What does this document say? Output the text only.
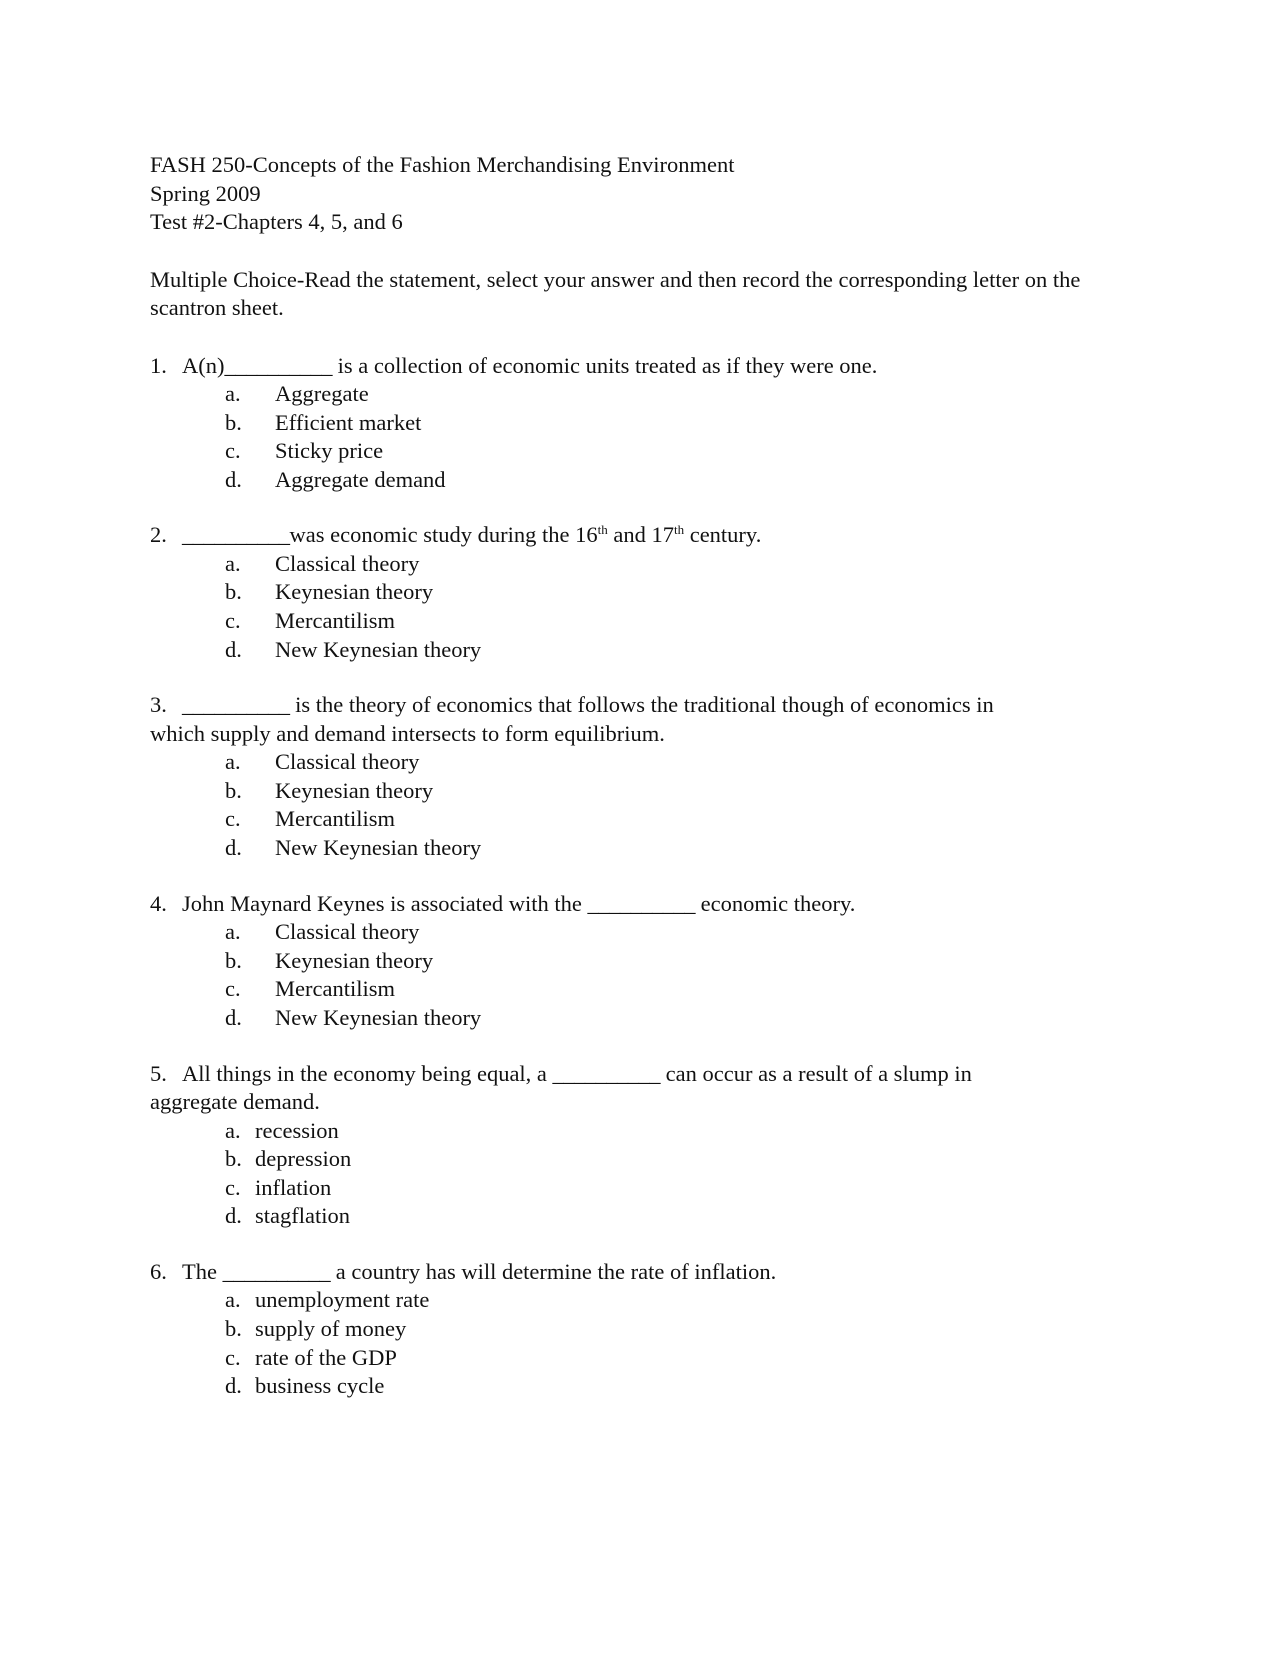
FASH 250-Concepts of the Fashion Merchandising Environment
Spring 2009
Test #2-Chapters 4, 5, and 6
Multiple Choice-Read the statement, select your answer and then record the corresponding letter on the scantron sheet.
1. A(n)__________ is a collection of economic units treated as if they were one.
a.	Aggregate
b.	Efficient market
c.	Sticky price
d.	Aggregate demand
2. __________was economic study during the 16th and 17th century.
a.	Classical theory
b.	Keynesian theory
c.	Mercantilism
d.	New Keynesian theory
3. __________ is the theory of economics that follows the traditional though of economics in
which supply and demand intersects to form equilibrium.
a.	Classical theory
b.	Keynesian theory
c.	Mercantilism
d.	New Keynesian theory
4. John Maynard Keynes is associated with the __________ economic theory.
a.	Classical theory
b.	Keynesian theory
c.	Mercantilism
d.	New Keynesian theory
5. All things in the economy being equal, a __________ can occur as a result of a slump in
aggregate demand.
a. recession
b. depression
c. inflation
d. stagflation
6. The __________ a country has will determine the rate of inflation.
a. unemployment rate
b. supply of money
c. rate of the GDP
d. business cycle
